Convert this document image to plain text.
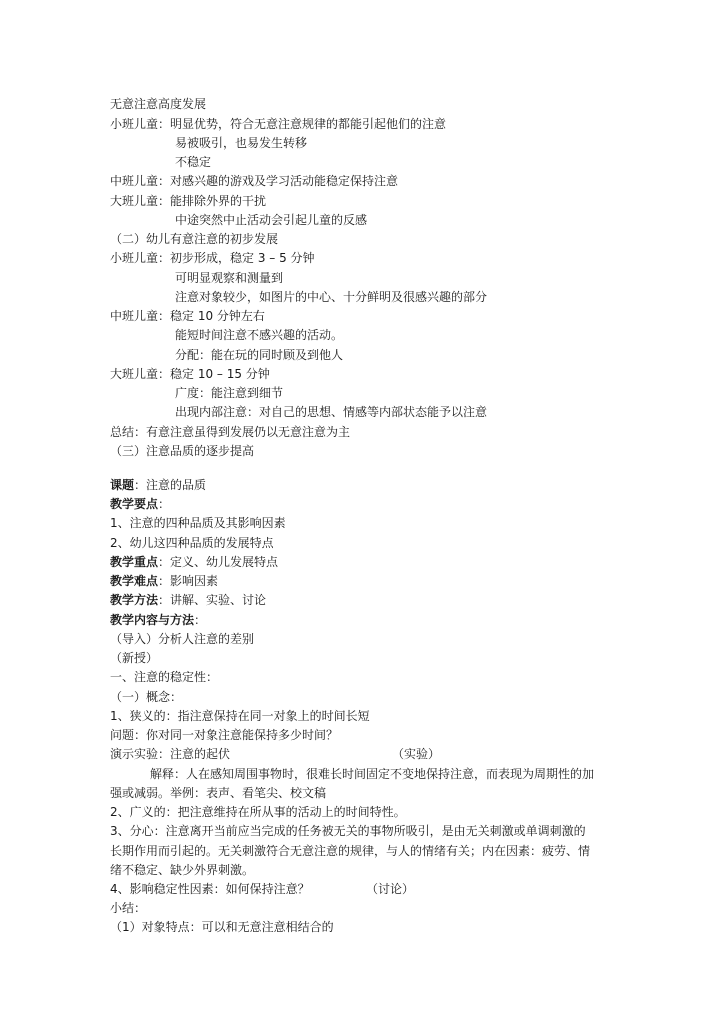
无意注意高度发展
小班儿童：明显优势，符合无意注意规律的都能引起他们的注意
易被吸引，也易发生转移
不稳定
中班儿童：对感兴趣的游戏及学习活动能稳定保持注意
大班儿童：能排除外界的干扰
中途突然中止活动会引起儿童的反感
（二）幼儿有意注意的初步发展
小班儿童：初步形成，稳定 3 – 5 分钟
可明显观察和测量到
注意对象较少，如图片的中心、十分鲜明及很感兴趣的部分
中班儿童：稳定 10 分钟左右
能短时间注意不感兴趣的活动。
分配：能在玩的同时顾及到他人
大班儿童：稳定 10 – 15 分钟
广度：能注意到细节
出现内部注意：对自己的思想、情感等内部状态能予以注意
总结：有意注意虽得到发展仍以无意注意为主
（三）注意品质的逐步提高
课题：注意的品质
教学要点：
1、注意的四种品质及其影响因素
2、幼儿这四种品质的发展特点
教学重点：定义、幼儿发展特点
教学难点：影响因素
教学方法：讲解、实验、讨论
教学内容与方法：
（导入）分析人注意的差别
（新授）
一、注意的稳定性：
（一）概念：
1、狭义的：指注意保持在同一对象上的时间长短
问题：你对同一对象注意能保持多少时间？
演示实验：注意的起伏	（实验）
解释：人在感知周围事物时，很难长时间固定不变地保持注意，而表现为周期性的加
强或减弱。举例：表声、看笔尖、校文稿
2、广义的：把注意维持在所从事的活动上的时间特性。
3、分心：注意离开当前应当完成的任务被无关的事物所吸引，是由无关刺激或单调刺激的
长期作用而引起的。无关刺激符合无意注意的规律，与人的情绪有关；内在因素：疲劳、情
绪不稳定、缺少外界刺激。
4、影响稳定性因素：如何保持注意？	（讨论）
小结：
（1）对象特点：可以和无意注意相结合的
